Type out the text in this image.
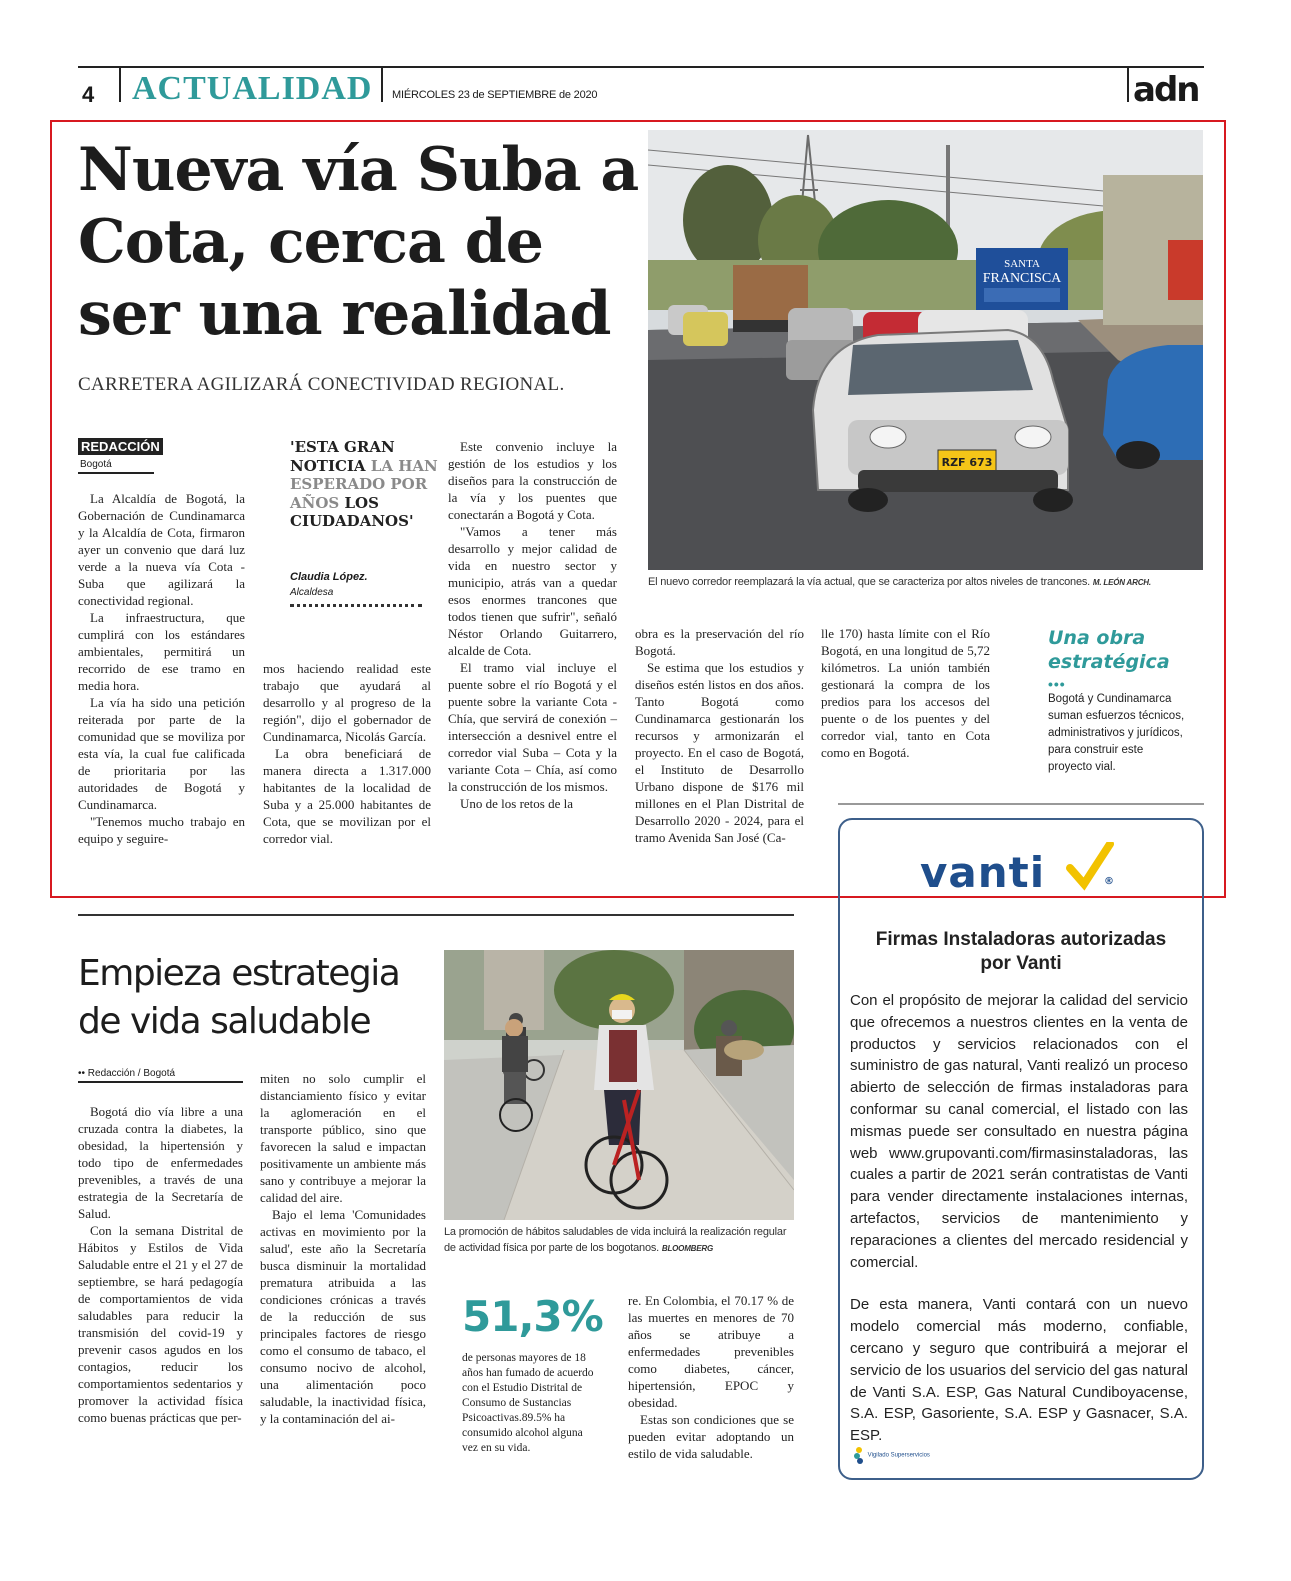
4 ACTUALIDAD MIÉRCOLES 23 de SEPTIEMBRE de 2020	adn
Nueva vía Suba a Cota, cerca de ser una realidad
CARRETERA AGILIZARÁ CONECTIVIDAD REGIONAL.
REDACCIÓN
Bogotá

La Alcaldía de Bogotá, la Gobernación de Cundinamarca y la Alcaldía de Cota, firmaron ayer un convenio que dará luz verde a la nueva vía Cota - Suba que agilizará la conectividad regional.

La infraestructura, que cumplirá con los estándares ambientales, permitirá un recorrido de ese tramo en media hora.

La vía ha sido una petición reiterada por parte de la comunidad que se moviliza por esta vía, la cual fue calificada de prioritaria por las autoridades de Bogotá y Cundinamarca.

"Tenemos mucho trabajo en equipo y seguire-

'ESTA GRAN NOTICIA LA HAN ESPERADO POR AÑOS LOS CIUDADANOS'
Claudia López.
Alcaldesa

mos haciendo realidad este trabajo que ayudará al desarrollo y al progreso de la región", dijo el gobernador de Cundinamarca, Nicolás García.

La obra beneficiará de manera directa a 1.317.000 habitantes de la localidad de Suba y a 25.000 habitantes de Cota, que se movilizan por el corredor vial.

Este convenio incluye la gestión de los estudios y los diseños para la construcción de la vía y los puentes que conectarán a Bogotá y Cota.

"Vamos a tener más desarrollo y mejor calidad de vida en nuestro sector y municipio, atrás van a quedar esos enormes trancones que todos tienen que sufrir", señaló Néstor Orlando Guitarrero, alcalde de Cota.

El tramo vial incluye el puente sobre el río Bogotá y el puente sobre la variante Cota - Chía, que servirá de conexión – intersección a desnivel entre el corredor vial Suba – Cota y la variante Cota – Chía, así como la construcción de los mismos.

Uno de los retos de la

obra es la preservación del río Bogotá.

Se estima que los estudios y diseños estén listos en dos años. Tanto Bogotá como Cundinamarca gestionarán los recursos y armonizarán el proyecto. En el caso de Bogotá, el Instituto de Desarrollo Urbano dispone de $176 mil millones en el Plan Distrital de Desarrollo 2020 - 2024, para el tramo Avenida San José (Ca-

lle 170) hasta límite con el Río Bogotá, en una longitud de 5,72 kilómetros. La unión también gestionará la compra de los predios para los accesos del puente o de los puentes y del corredor vial, tanto en Cota como en Bogotá.

SANTA
FRANCISCA
RZF 673
El nuevo corredor reemplazará la vía actual, que se caracteriza por altos niveles de trancones. M. LEÓN ARCH.
Una obra estratégica
•••
Bogotá y Cundinamarca suman esfuerzos técnicos, administrativos y jurídicos, para construir este proyecto vial.
Empieza estrategia de vida saludable
•• Redacción / Bogotá

Bogotá dio vía libre a una cruzada contra la diabetes, la obesidad, la hipertensión y todo tipo de enfermedades prevenibles, a través de una estrategia de la Secretaría de Salud.

Con la semana Distrital de Hábitos y Estilos de Vida Saludable entre el 21 y el 27 de septiembre, se hará pedagogía de comportamientos de vida saludables para reducir la transmisión del covid-19 y prevenir casos agudos en los contagios, reducir los comportamientos sedentarios y promover la actividad física como buenas prácticas que per-

miten no solo cumplir el distanciamiento físico y evitar la aglomeración en el transporte público, sino que favorecen la salud e impactan positivamente un ambiente más sano y contribuye a mejorar la calidad del aire.

Bajo el lema 'Comunidades activas en movimiento por la salud', este año la Secretaría busca disminuir la mortalidad prematura atribuida a las condiciones crónicas a través de la reducción de sus principales factores de riesgo como el consumo de tabaco, el consumo nocivo de alcohol, una alimentación poco saludable, la inactividad física, y la contaminación del ai-

La promoción de hábitos saludables de vida incluirá la realización regular de actividad física por parte de los bogotanos. BLOOMBERG
51,3%
de personas mayores de 18 años han fumado de acuerdo con el Estudio Distrital de Consumo de Sustancias Psicoactivas.89.5% ha consumido alcohol alguna vez en su vida.

re. En Colombia, el 70.17 % de las muertes en menores de 70 años se atribuye a enfermedades prevenibles como diabetes, cáncer, hipertensión, EPOC y obesidad.

Estas son condiciones que se pueden evitar adoptando un estilo de vida saludable.

vanti	®
Firmas Instaladoras autorizadas por Vanti

Con el propósito de mejorar la calidad del servicio que ofrecemos a nuestros clientes en la venta de productos y servicios relacionados con el suministro de gas natural, Vanti realizó un proceso abierto de selección de firmas instaladoras para conformar su canal comercial, el listado con las mismas puede ser consultado en nuestra página web www.grupovanti.com/firmasinstaladoras, las cuales a partir de 2021 serán contratistas de Vanti para vender directamente instalaciones internas, artefactos, servicios de mantenimiento y reparaciones a clientes del mercado residencial y comercial.

De esta manera, Vanti contará con un nuevo modelo comercial más moderno, confiable, cercano y seguro que contribuirá a mejorar el servicio de los usuarios del servicio del gas natural de Vanti S.A. ESP, Gas Natural Cundiboyacense, S.A. ESP, Gasoriente, S.A. ESP y Gasnacer, S.A. ESP.

Vigilado Superservicios
